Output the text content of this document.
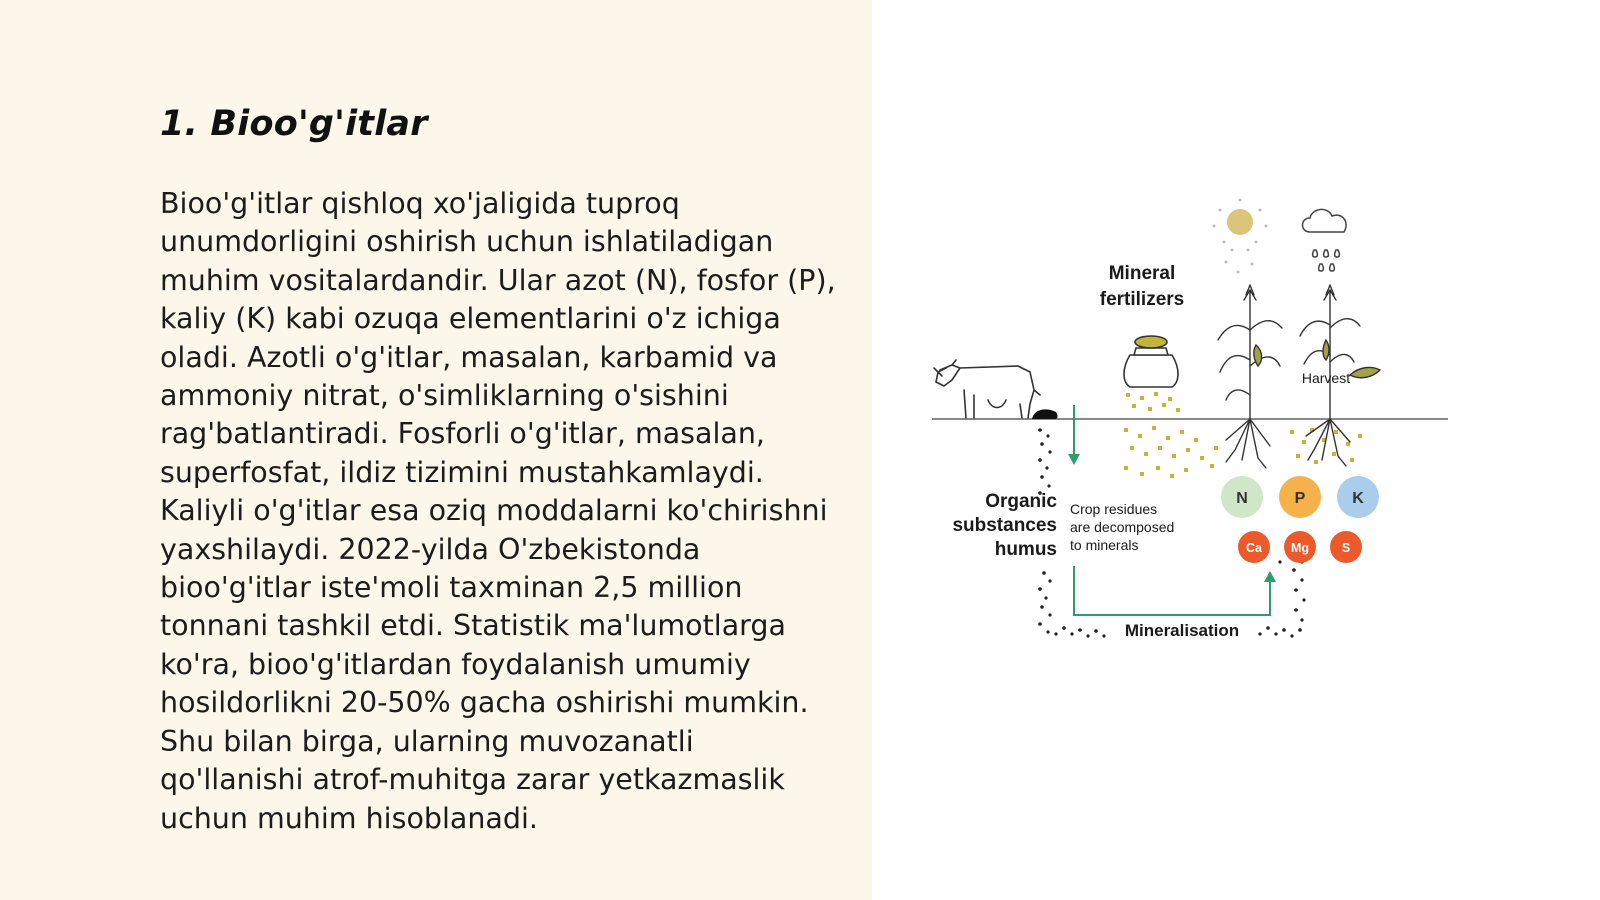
1. Bioo'g'itlar

Bioo'g'itlar qishloq xo'jaligida tuproq unumdorligini oshirish uchun ishlatiladigan muhim vositalardandir. Ular azot (N), fosfor (P), kaliy (K) kabi ozuqa elementlarini o'z ichiga oladi. Azotli o'g'itlar, masalan, karbamid va ammoniy nitrat, o'simliklarning o'sishini rag'batlantiradi. Fosforli o'g'itlar, masalan, superfosfat, ildiz tizimini mustahkamlaydi. Kaliyli o'g'itlar esa oziq moddalarni ko'chirishni yaxshilaydi. 2022-yilda O'zbekistonda bioo'g'itlar iste'moli taxminan 2,5 million tonnani tashkil etdi. Statistik ma'lumotlarga ko'ra, bioo'g'itlardan foydalanish umumiy hosildorlikni 20-50% gacha oshirishi mumkin. Shu bilan birga, ularning muvozanatli qo'llanishi atrof-muhitga zarar yetkazmaslik uchun muhim hisoblanadi.

N	P	K
Ca Mg	S
Mineral
fertilizers
Harvest
Organic
substances
humus
Crop residues
are decomposed
to minerals
Mineralisation
